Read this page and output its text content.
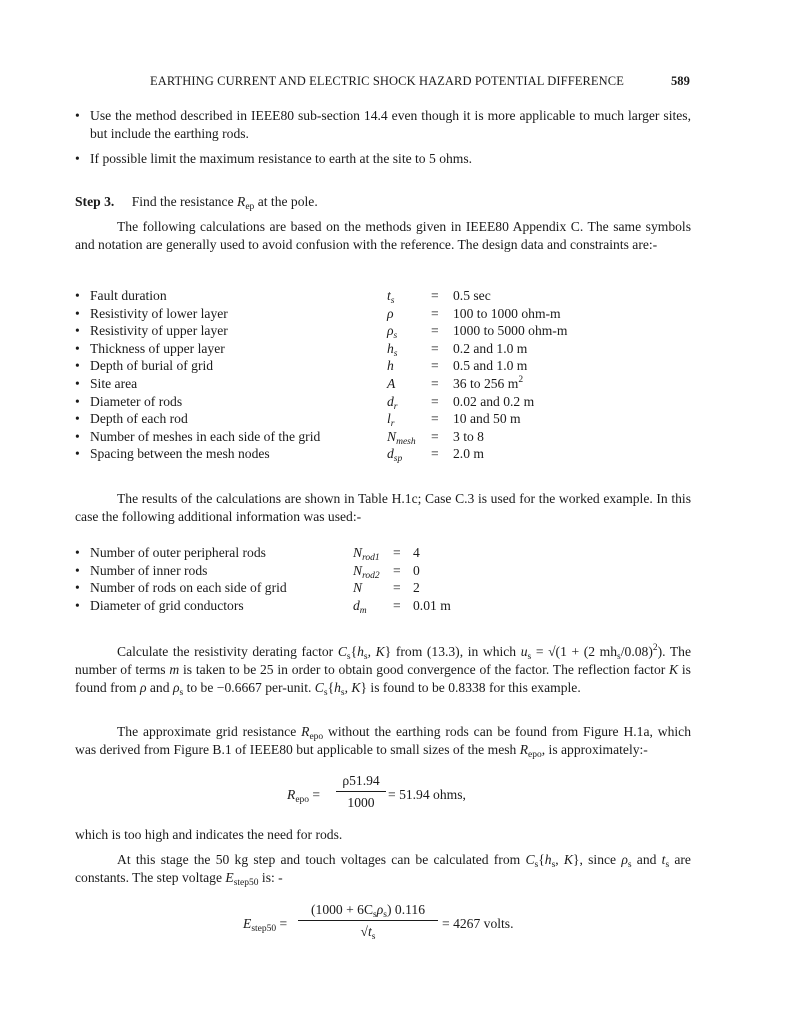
EARTHING CURRENT AND ELECTRIC SHOCK HAZARD POTENTIAL DIFFERENCE	589
• Use the method described in IEEE80 sub-section 14.4 even though it is more applicable to much larger sites, but include the earthing rods.
• If possible limit the maximum resistance to earth at the site to 5 ohms.
Step 3. Find the resistance $R_{ep}$ at the pole.
The following calculations are based on the methods given in IEEE80 Appendix C. The same symbols and notation are generally used to avoid confusion with the reference. The design data and constraints are:-
• Fault duration	$t_s$	= 0.5 sec
• Resistivity of lower layer	ρ	= 100 to 1000 ohm-m
• Resistivity of upper layer	$\rho_s = 1000$ to 5000 ohm-m
• Thickness of upper layer	$h_s = 0.2$ and 1.0 m
• Depth of burial of grid	h	= 0.5 and 1.0 m
• Site area	A	= 36 to 256 $m^2$
• Diameter of rods	$d_r = 0.02$ and 0.2 m
• Depth of each rod	$l_r$	= 10 and 50 m
• Number of meshes in each side of the grid	$N_{mesh} = 3$ to 8
• Spacing between the mesh nodes	$d_{sp} = 2.0$ m
The results of the calculations are shown in Table H.1c; Case C.3 is used for the worked example. In this case the following additional information was used:-
• Number of outer peripheral rods	$N_{rod1} = 4$
• Number of inner rods	$N_{rod2} = 0$
• Number of rods on each side of grid	N = 2
• Diameter of grid conductors	$d_m = 0.01$ m
Calculate the resistivity derating factor $C_s\{h_s$, K} from (13.3), in which $u_s = √(1 + (2$ $mh_s/0.08)^2$). The number of terms m is taken to be 25 in order to obtain good convergence of the factor. The reflection factor K is found from ρ and $\rho_s$ to be −0.6667 per-unit. $C_s\{h_s$, K} is found to be 0.8338 for this example.
The approximate grid resistance $R_{epo}$ without the earthing rods can be found from Figure H.1a, which was derived from Figure B.1 of IEEE80 but applicable to small sizes of the mesh $R_{epo}$, is approximately:-
$R_{epo}$ =
ρ51.94
1000
= 51.94 ohms,
which is too high and indicates the need for rods.
At this stage the 50 kg step and touch voltages can be calculated from $C_s\{h_s$, K}, since $\rho_s$ and $t_s$ are constants. The step voltage $E_{step50}$ is: -
$E_{step50}$ =
$(1000 + 6C_s\rho_s)$ 0.116
$√t_s$
= 4267 volts.
